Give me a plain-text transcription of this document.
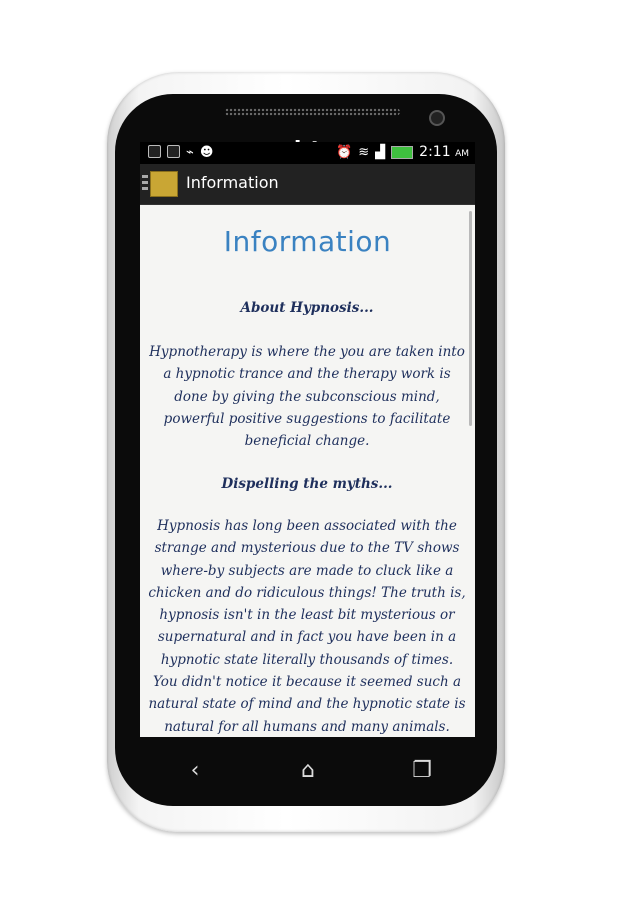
⌁ ☻	⏰ ≋ ▟ 2:11 AM
Information
Information
About Hypnosis...
Hypnotherapy is where the you are taken into a hypnotic trance and the therapy work is done by giving the subconscious mind, powerful positive suggestions to facilitate beneficial change.
Dispelling the myths...
Hypnosis has long been associated with the strange and mysterious due to the TV shows where-by subjects are made to cluck like a chicken and do ridiculous things! The truth is, hypnosis isn't in the least bit mysterious or supernatural and in fact you have been in a hypnotic state literally thousands of times. You didn't notice it because it seemed such a natural state of mind and the hypnotic state is natural for all humans and many animals.
‹	⌂	❐
